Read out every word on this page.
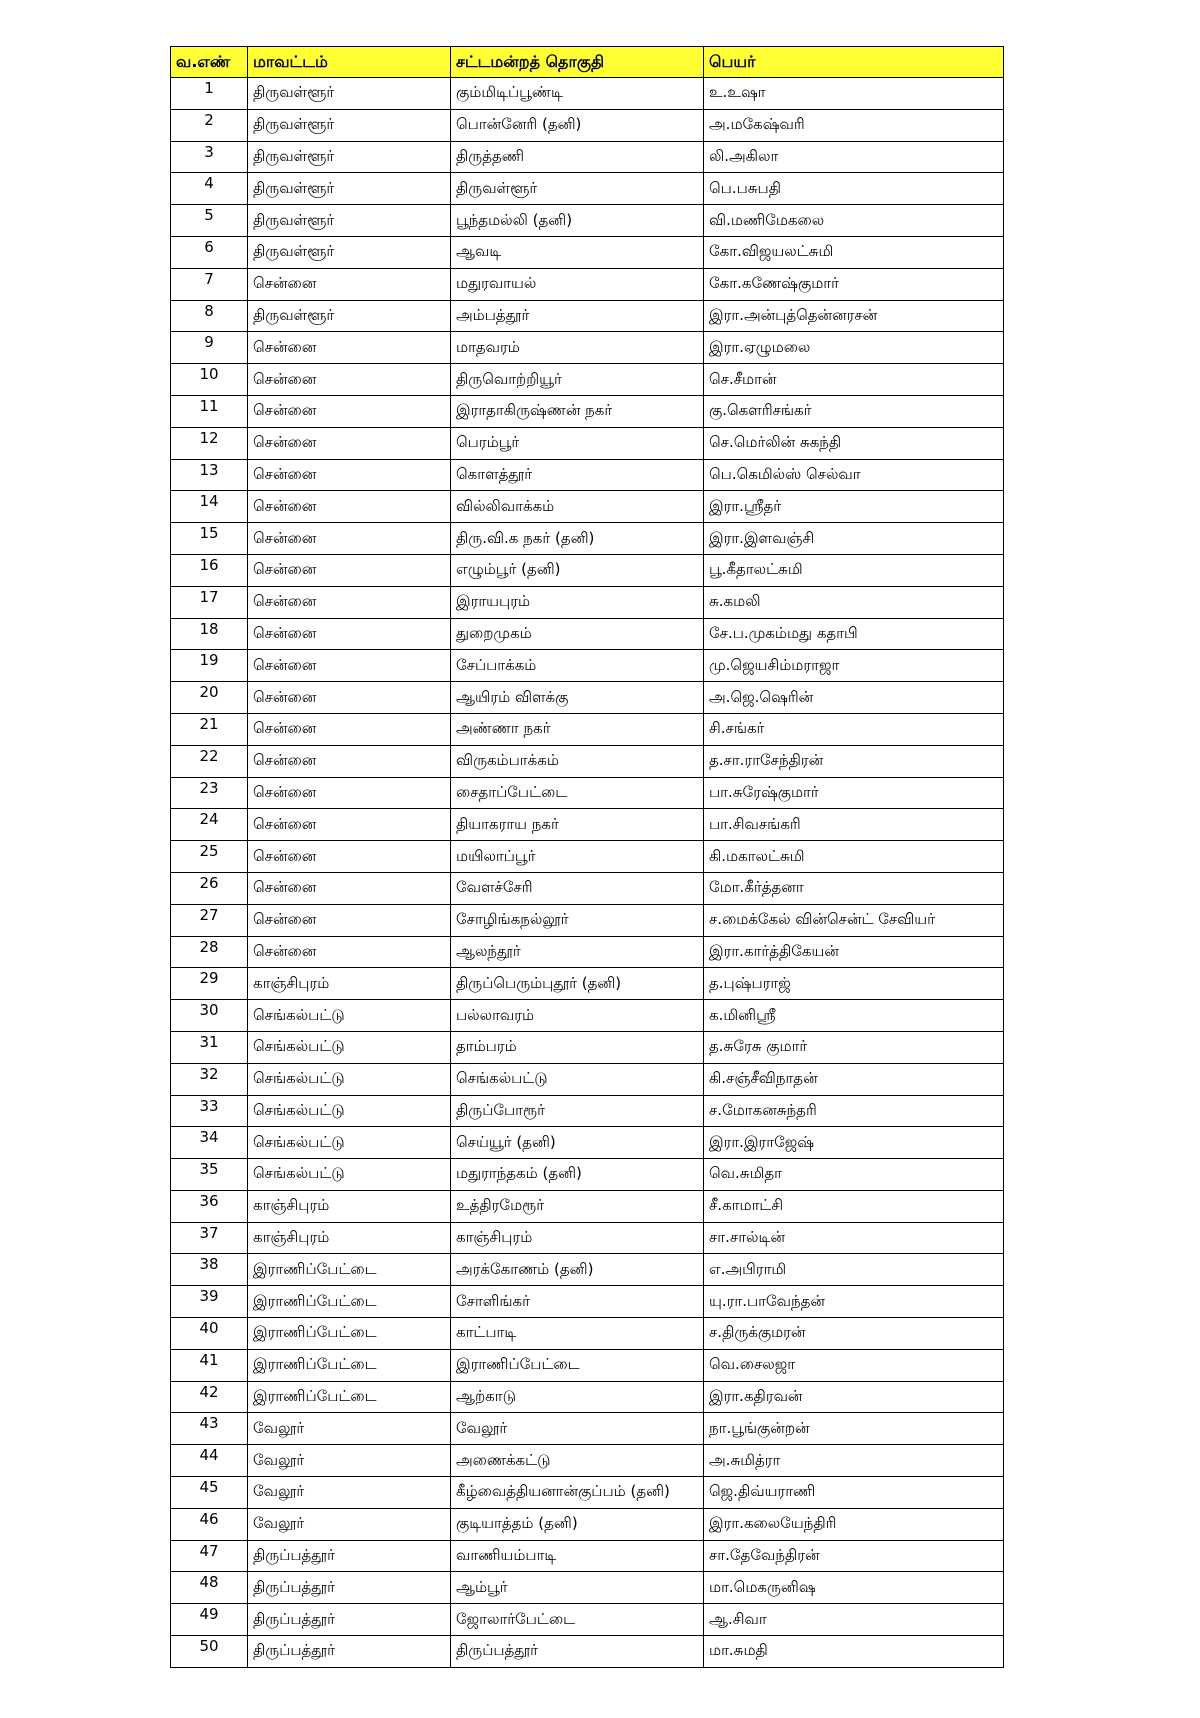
வ.எண்	மாவட்டம்	சட்டமன்றத் தொகுதி	பெயர்
1	திருவள்ளூர்	கும்மிடிப்பூண்டி	உ.உஷா
2	திருவள்ளூர்	பொன்னேரி (தனி)	அ.மகேஷ்வரி
3	திருவள்ளூர்	திருத்தணி	லி.அகிலா
4	திருவள்ளூர்	திருவள்ளூர்	பெ.பசுபதி
5	திருவள்ளூர்	பூந்தமல்லி (தனி)	வி.மணிமேகலை
6	திருவள்ளூர்	ஆவடி	கோ.விஜயலட்சுமி
7	சென்னை	மதுரவாயல்	கோ.கணேஷ்குமார்
8	திருவள்ளூர்	அம்பத்தூர்	இரா.அன்புத்தென்னரசன்
9	சென்னை	மாதவரம்	இரா.ஏழுமலை
10	சென்னை	திருவொற்றியூர்	செ.சீமான்
11	சென்னை	இராதாகிருஷ்ணன் நகர்	கு.கௌரிசங்கர்
12	சென்னை	பெரம்பூர்	செ.மெர்லின் சுகந்தி
13	சென்னை	கொளத்தூர்	பெ.கெமில்ஸ் செல்வா
14	சென்னை	வில்லிவாக்கம்	இரா.ஸ்ரீதர்
15	சென்னை	திரு.வி.க நகர் (தனி)	இரா.இளவஞ்சி
16	சென்னை	எழும்பூர் (தனி)	பூ.கீதாலட்சுமி
17	சென்னை	இராயபுரம்	சு.கமலி
18	சென்னை	துறைமுகம்	சே.ப.முகம்மது கதாபி
19	சென்னை	சேப்பாக்கம்	மு.ஜெயசிம்மராஜா
20	சென்னை	ஆயிரம் விளக்கு	அ.ஜெ.ஷெரின்
21	சென்னை	அண்ணா நகர்	சி.சங்கர்
22	சென்னை	விருகம்பாக்கம்	த.சா.ராசேந்திரன்
23	சென்னை	சைதாப்பேட்டை	பா.சுரேஷ்குமார்
24	சென்னை	தியாகராய நகர்	பா.சிவசங்கரி
25	சென்னை	மயிலாப்பூர்	கி.மகாலட்சுமி
26	சென்னை	வேளச்சேரி	மோ.கீர்த்தனா
27	சென்னை	சோழிங்கநல்லூர்	ச.மைக்கேல் வின்சென்ட் சேவியர்
28	சென்னை	ஆலந்தூர்	இரா.கார்த்திகேயன்
29	காஞ்சிபுரம்	திருப்பெரும்புதூர் (தனி)	த.புஷ்பராஜ்
30	செங்கல்பட்டு	பல்லாவரம்	க.மினிஸ்ரீ
31	செங்கல்பட்டு	தாம்பரம்	த.சுரேசு குமார்
32	செங்கல்பட்டு	செங்கல்பட்டு	கி.சஞ்சீவிநாதன்
33	செங்கல்பட்டு	திருப்போரூர்	ச.மோகனசுந்தரி
34	செங்கல்பட்டு	செய்யூர் (தனி)	இரா.இராஜேஷ்
35	செங்கல்பட்டு	மதுராந்தகம் (தனி)	வெ.சுமிதா
36	காஞ்சிபுரம்	உத்திரமேரூர்	சீ.காமாட்சி
37	காஞ்சிபுரம்	காஞ்சிபுரம்	சா.சால்டின்
38	இராணிப்பேட்டை	அரக்கோணம் (தனி)	எ.அபிராமி
39	இராணிப்பேட்டை	சோளிங்கர்	யு.ரா.பாவேந்தன்
40	இராணிப்பேட்டை	காட்பாடி	ச.திருக்குமரன்
41	இராணிப்பேட்டை	இராணிப்பேட்டை	வெ.சைலஜா
42	இராணிப்பேட்டை	ஆற்காடு	இரா.கதிரவன்
43	வேலூர்	வேலூர்	நா.பூங்குன்றன்
44	வேலூர்	அணைக்கட்டு	அ.சுமித்ரா
45	வேலூர்	கீழ்வைத்தியனான்குப்பம் (தனி)	ஜெ.திவ்யராணி
46	வேலூர்	குடியாத்தம் (தனி)	இரா.கலையேந்திரி
47	திருப்பத்தூர்	வாணியம்பாடி	சா.தேவேந்திரன்
48	திருப்பத்தூர்	ஆம்பூர்	மா.மெகருனிஷ
49	திருப்பத்தூர்	ஜோலார்பேட்டை	ஆ.சிவா
50	திருப்பத்தூர்	திருப்பத்தூர்	மா.சுமதி
